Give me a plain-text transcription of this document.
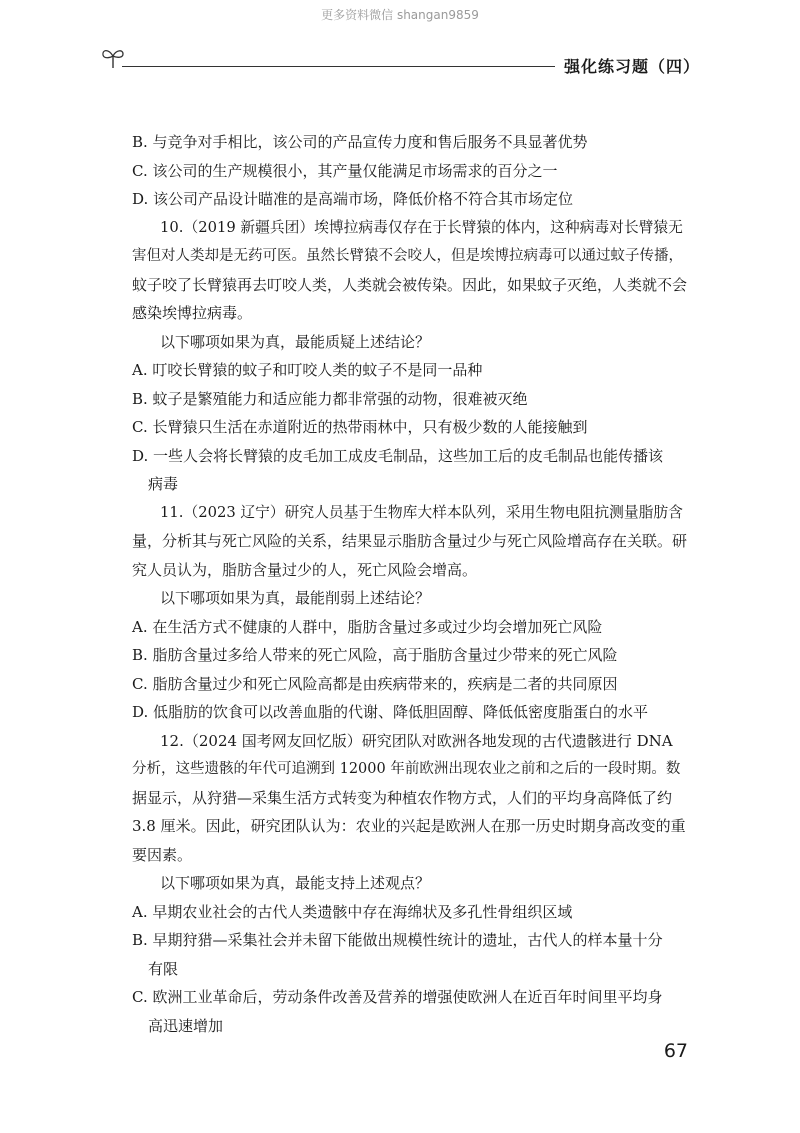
更多资料微信 shangan9859
强化练习题（四）
B. 与竞争对手相比，该公司的产品宣传力度和售后服务不具显著优势
C. 该公司的生产规模很小，其产量仅能满足市场需求的百分之一
D. 该公司产品设计瞄准的是高端市场，降低价格不符合其市场定位
10.（2019 新疆兵团）埃博拉病毒仅存在于长臂猿的体内，这种病毒对长臂猿无
害但对人类却是无药可医。虽然长臂猿不会咬人，但是埃博拉病毒可以通过蚊子传播，
蚊子咬了长臂猿再去叮咬人类，人类就会被传染。因此，如果蚊子灭绝，人类就不会
感染埃博拉病毒。
以下哪项如果为真，最能质疑上述结论？
A. 叮咬长臂猿的蚊子和叮咬人类的蚊子不是同一品种
B. 蚊子是繁殖能力和适应能力都非常强的动物，很难被灭绝
C. 长臂猿只生活在赤道附近的热带雨林中，只有极少数的人能接触到
D. 一些人会将长臂猿的皮毛加工成皮毛制品，这些加工后的皮毛制品也能传播该
病毒
11.（2023 辽宁）研究人员基于生物库大样本队列，采用生物电阻抗测量脂肪含
量，分析其与死亡风险的关系，结果显示脂肪含量过少与死亡风险增高存在关联。研
究人员认为，脂肪含量过少的人，死亡风险会增高。
以下哪项如果为真，最能削弱上述结论？
A. 在生活方式不健康的人群中，脂肪含量过多或过少均会增加死亡风险
B. 脂肪含量过多给人带来的死亡风险，高于脂肪含量过少带来的死亡风险
C. 脂肪含量过少和死亡风险高都是由疾病带来的，疾病是二者的共同原因
D. 低脂肪的饮食可以改善血脂的代谢、降低胆固醇、降低低密度脂蛋白的水平
12.（2024 国考网友回忆版）研究团队对欧洲各地发现的古代遗骸进行 DNA
分析，这些遗骸的年代可追溯到 12000 年前欧洲出现农业之前和之后的一段时期。数
据显示，从狩猎—采集生活方式转变为种植农作物方式，人们的平均身高降低了约
3.8 厘米。因此，研究团队认为：农业的兴起是欧洲人在那一历史时期身高改变的重
要因素。
以下哪项如果为真，最能支持上述观点？
A. 早期农业社会的古代人类遗骸中存在海绵状及多孔性骨组织区域
B. 早期狩猎—采集社会并未留下能做出规模性统计的遗址，古代人的样本量十分
有限
C. 欧洲工业革命后，劳动条件改善及营养的增强使欧洲人在近百年时间里平均身
高迅速增加
67
